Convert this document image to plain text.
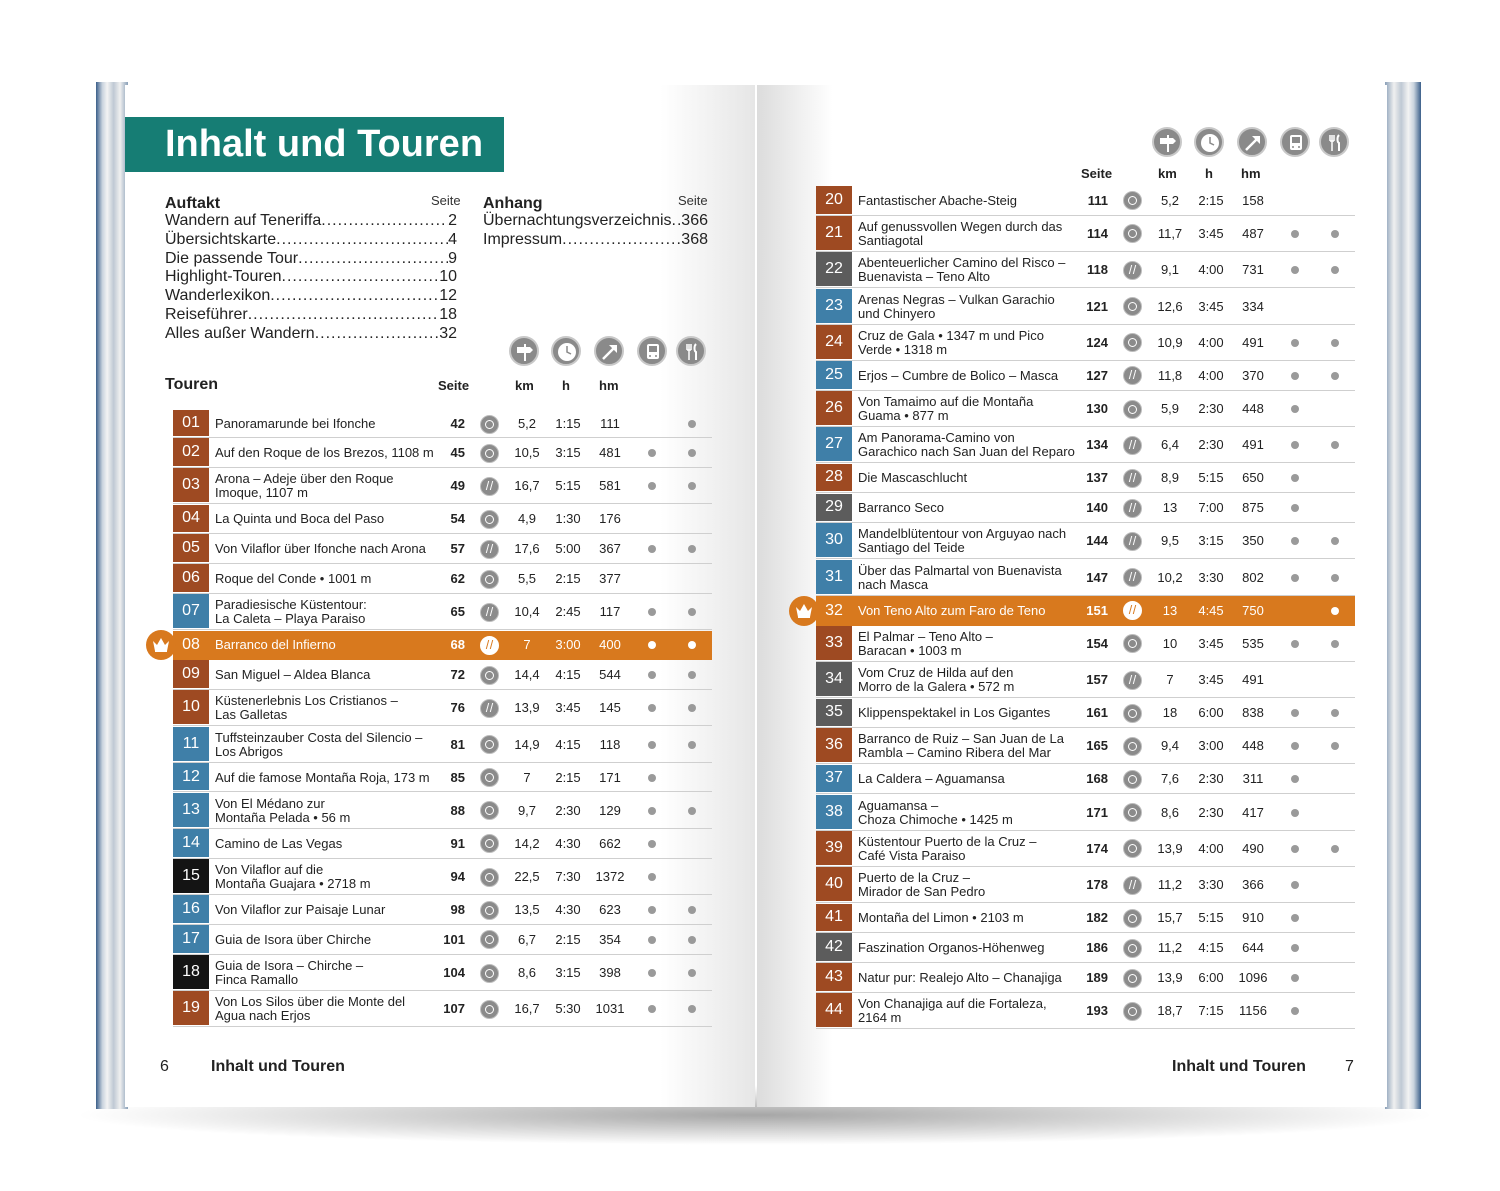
Inhalt und Touren
Auftakt	Seite
Wandern auf Teneriffa .....	2
Übersichtskarte .....	4
Die passende Tour .....	9
Highlight-Touren .....	10
Wanderlexikon .....	12
Reiseführer .....	18
Alles außer Wandern .....	32
Anhang	Seite
Übernachtungsverzeichnis ..... 366
Impressum .....	368
Touren	Seite	km h hm
Seite	km h hm
01	Panoramarunde bei Ifonche	42	5,2	1:15	111
02	Auf den Roque de los Brezos, 1108 m	45	10,5	3:15	481
03	Arona – Adeje über den Roque
Imoque, 1107 m	49	16,7	5:15	581
04	La Quinta und Boca del Paso	54	4,9	1:30	176
05	Von Vilaflor über Ifonche nach Arona	57	17,6	5:00	367
06	Roque del Conde • 1001 m	62	5,5	2:15	377
07	Paradiesische Küstentour:
La Caleta – Playa Paraiso	65	10,4	2:45	117
08	Barranco del Infierno	68	7	3:00	400
09	San Miguel – Aldea Blanca	72	14,4	4:15	544
10	Küstenerlebnis Los Cristianos –
Las Galletas	76	13,9	3:45	145
11	Tuffsteinzauber Costa del Silencio –
Los Abrigos	81	14,9	4:15	118
12	Auf die famose Montaña Roja, 173 m	85	7	2:15	171
13	Von El Médano zur
Montaña Pelada • 56 m	88	9,7	2:30	129
14	Camino de Las Vegas	91	14,2	4:30	662
15	Von Vilaflor auf die
Montaña Guajara • 2718 m	94	22,5	7:30	1372
16	Von Vilaflor zur Paisaje Lunar	98	13,5	4:30	623
17	Guia de Isora über Chirche	101	6,7	2:15	354
18	Guia de Isora – Chirche –
Finca Ramallo	104	8,6	3:15	398
19	Von Los Silos über die Monte del
Agua nach Erjos	107	16,7	5:30	1031
20	Fantastischer Abache-Steig	111	5,2	2:15	158
21	Auf genussvollen Wegen durch das
Santiagotal	114	11,7	3:45	487
22	Abenteuerlicher Camino del Risco –
Buenavista – Teno Alto	118	9,1	4:00	731
23	Arenas Negras – Vulkan Garachio
und Chinyero	121	12,6	3:45	334
24	Cruz de Gala • 1347 m und Pico
Verde • 1318 m	124	10,9	4:00	491
25	Erjos – Cumbre de Bolico – Masca	127	11,8	4:00	370
26	Von Tamaimo auf die Montaña
Guama • 877 m	130	5,9	2:30	448
27	Am Panorama-Camino von
Garachico nach San Juan del Reparo 134	6,4	2:30	491
28	Die Mascaschlucht	137	8,9	5:15	650
29	Barranco Seco	140	13	7:00	875
30	Mandelblütentour von Arguyao nach
Santiago del Teide	144	9,5	3:15	350
31	Über das Palmartal von Buenavista
nach Masca	147	10,2	3:30	802
32	Von Teno Alto zum Faro de Teno	151	13	4:45	750
33	El Palmar – Teno Alto –
Baracan • 1003 m	154	10	3:45	535
34	Vom Cruz de Hilda auf den
Morro de la Galera • 572 m	157	7	3:45	491
35	Klippenspektakel in Los Gigantes	161	18	6:00	838
36	Barranco de Ruiz – San Juan de La
Rambla – Camino Ribera del Mar	165	9,4	3:00	448
37	La Caldera – Aguamansa	168	7,6	2:30	311
38	Aguamansa –
Choza Chimoche • 1425 m	171	8,6	2:30	417
39	Küstentour Puerto de la Cruz –
Café Vista Paraiso	174	13,9	4:00	490
40	Puerto de la Cruz –
Mirador de San Pedro	178	11,2	3:30	366
41	Montaña del Limon • 2103 m	182	15,7	5:15	910
42	Faszination Organos-Höhenweg	186	11,2	4:15	644
43	Natur pur: Realejo Alto – Chanajiga	189	13,9	6:00	1096
44	Von Chanajiga auf die Fortaleza,
2164 m	193	18,7	7:15	1156
6	Inhalt und Touren	Inhalt und Touren 7
